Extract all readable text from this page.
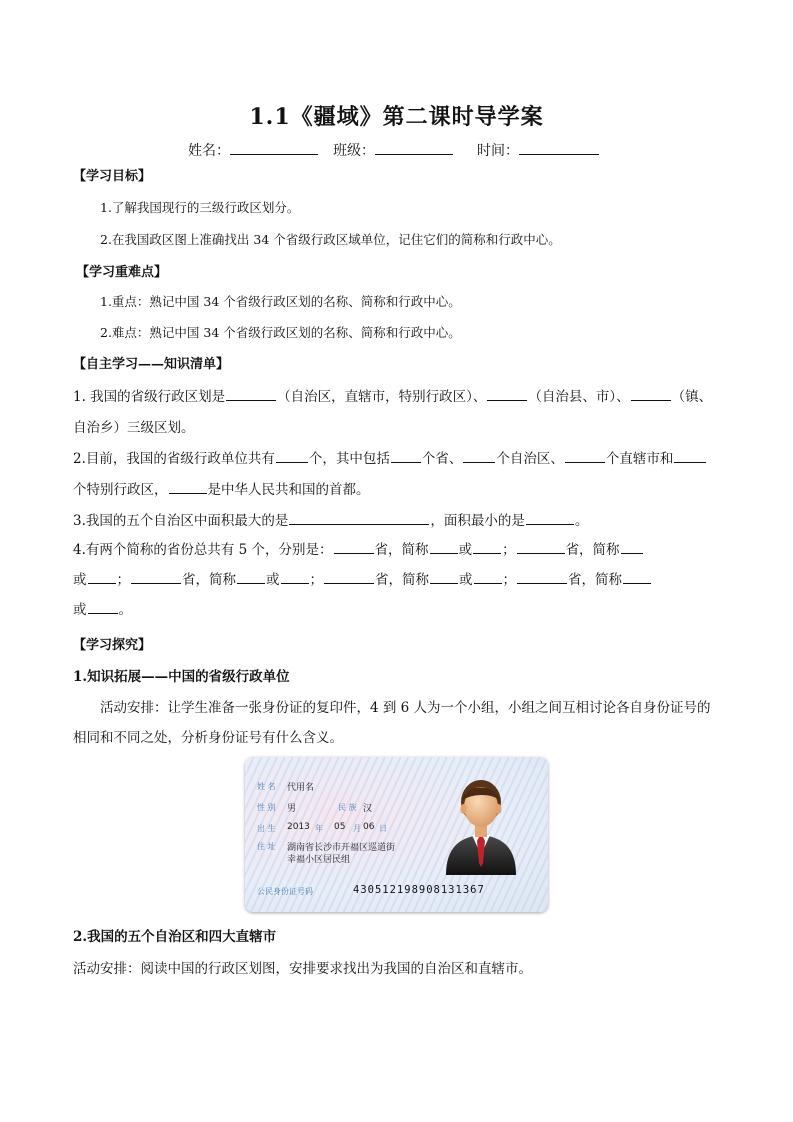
1.1《疆域》第二课时导学案
姓名：	班级：	时间：
【学习目标】
1.了解我国现行的三级行政区划分。
2.在我国政区图上准确找出 34 个省级行政区域单位，记住它们的简称和行政中心。
【学习重难点】
1.重点：熟记中国 34 个省级行政区划的名称、简称和行政中心。
2.难点：熟记中国 34 个省级行政区划的名称、简称和行政中心。
【自主学习——知识清单】
1. 我国的省级行政区划是	（自治区，直辖市，特别行政区）、	（自治县、市）、	（镇、
自治乡）三级区划。
2.目前，我国的省级行政单位共有	个，其中包括 个省、	个自治区、	个直辖市和
个特别行政区，	是中华人民共和国的首都。
3.我国的五个自治区中面积最大的是	，面积最小的是	。
4.有两个简称的省份总共有 5 个，分别是：	省，简称 或 ；	省，简称
或 ；	省，简称 或 ；	省，简称 或 ；	省，简称
或 。
【学习探究】
1.知识拓展——中国的省级行政单位
活动安排：让学生准备一张身份证的复印件，4 到 6 人为一个小组，小组之间互相讨论各自身份证号的
相同和不同之处，分析身份证号有什么含义。
姓 名 代用名
性 别 男	民 族 汉
出 生 2013 年 05 月 06 日
住 址 湖南省长沙市开福区巡道街
幸福小区居民组
公民身份证号码	430512198908131367
2.我国的五个自治区和四大直辖市
活动安排：阅读中国的行政区划图，安排要求找出为我国的自治区和直辖市。
